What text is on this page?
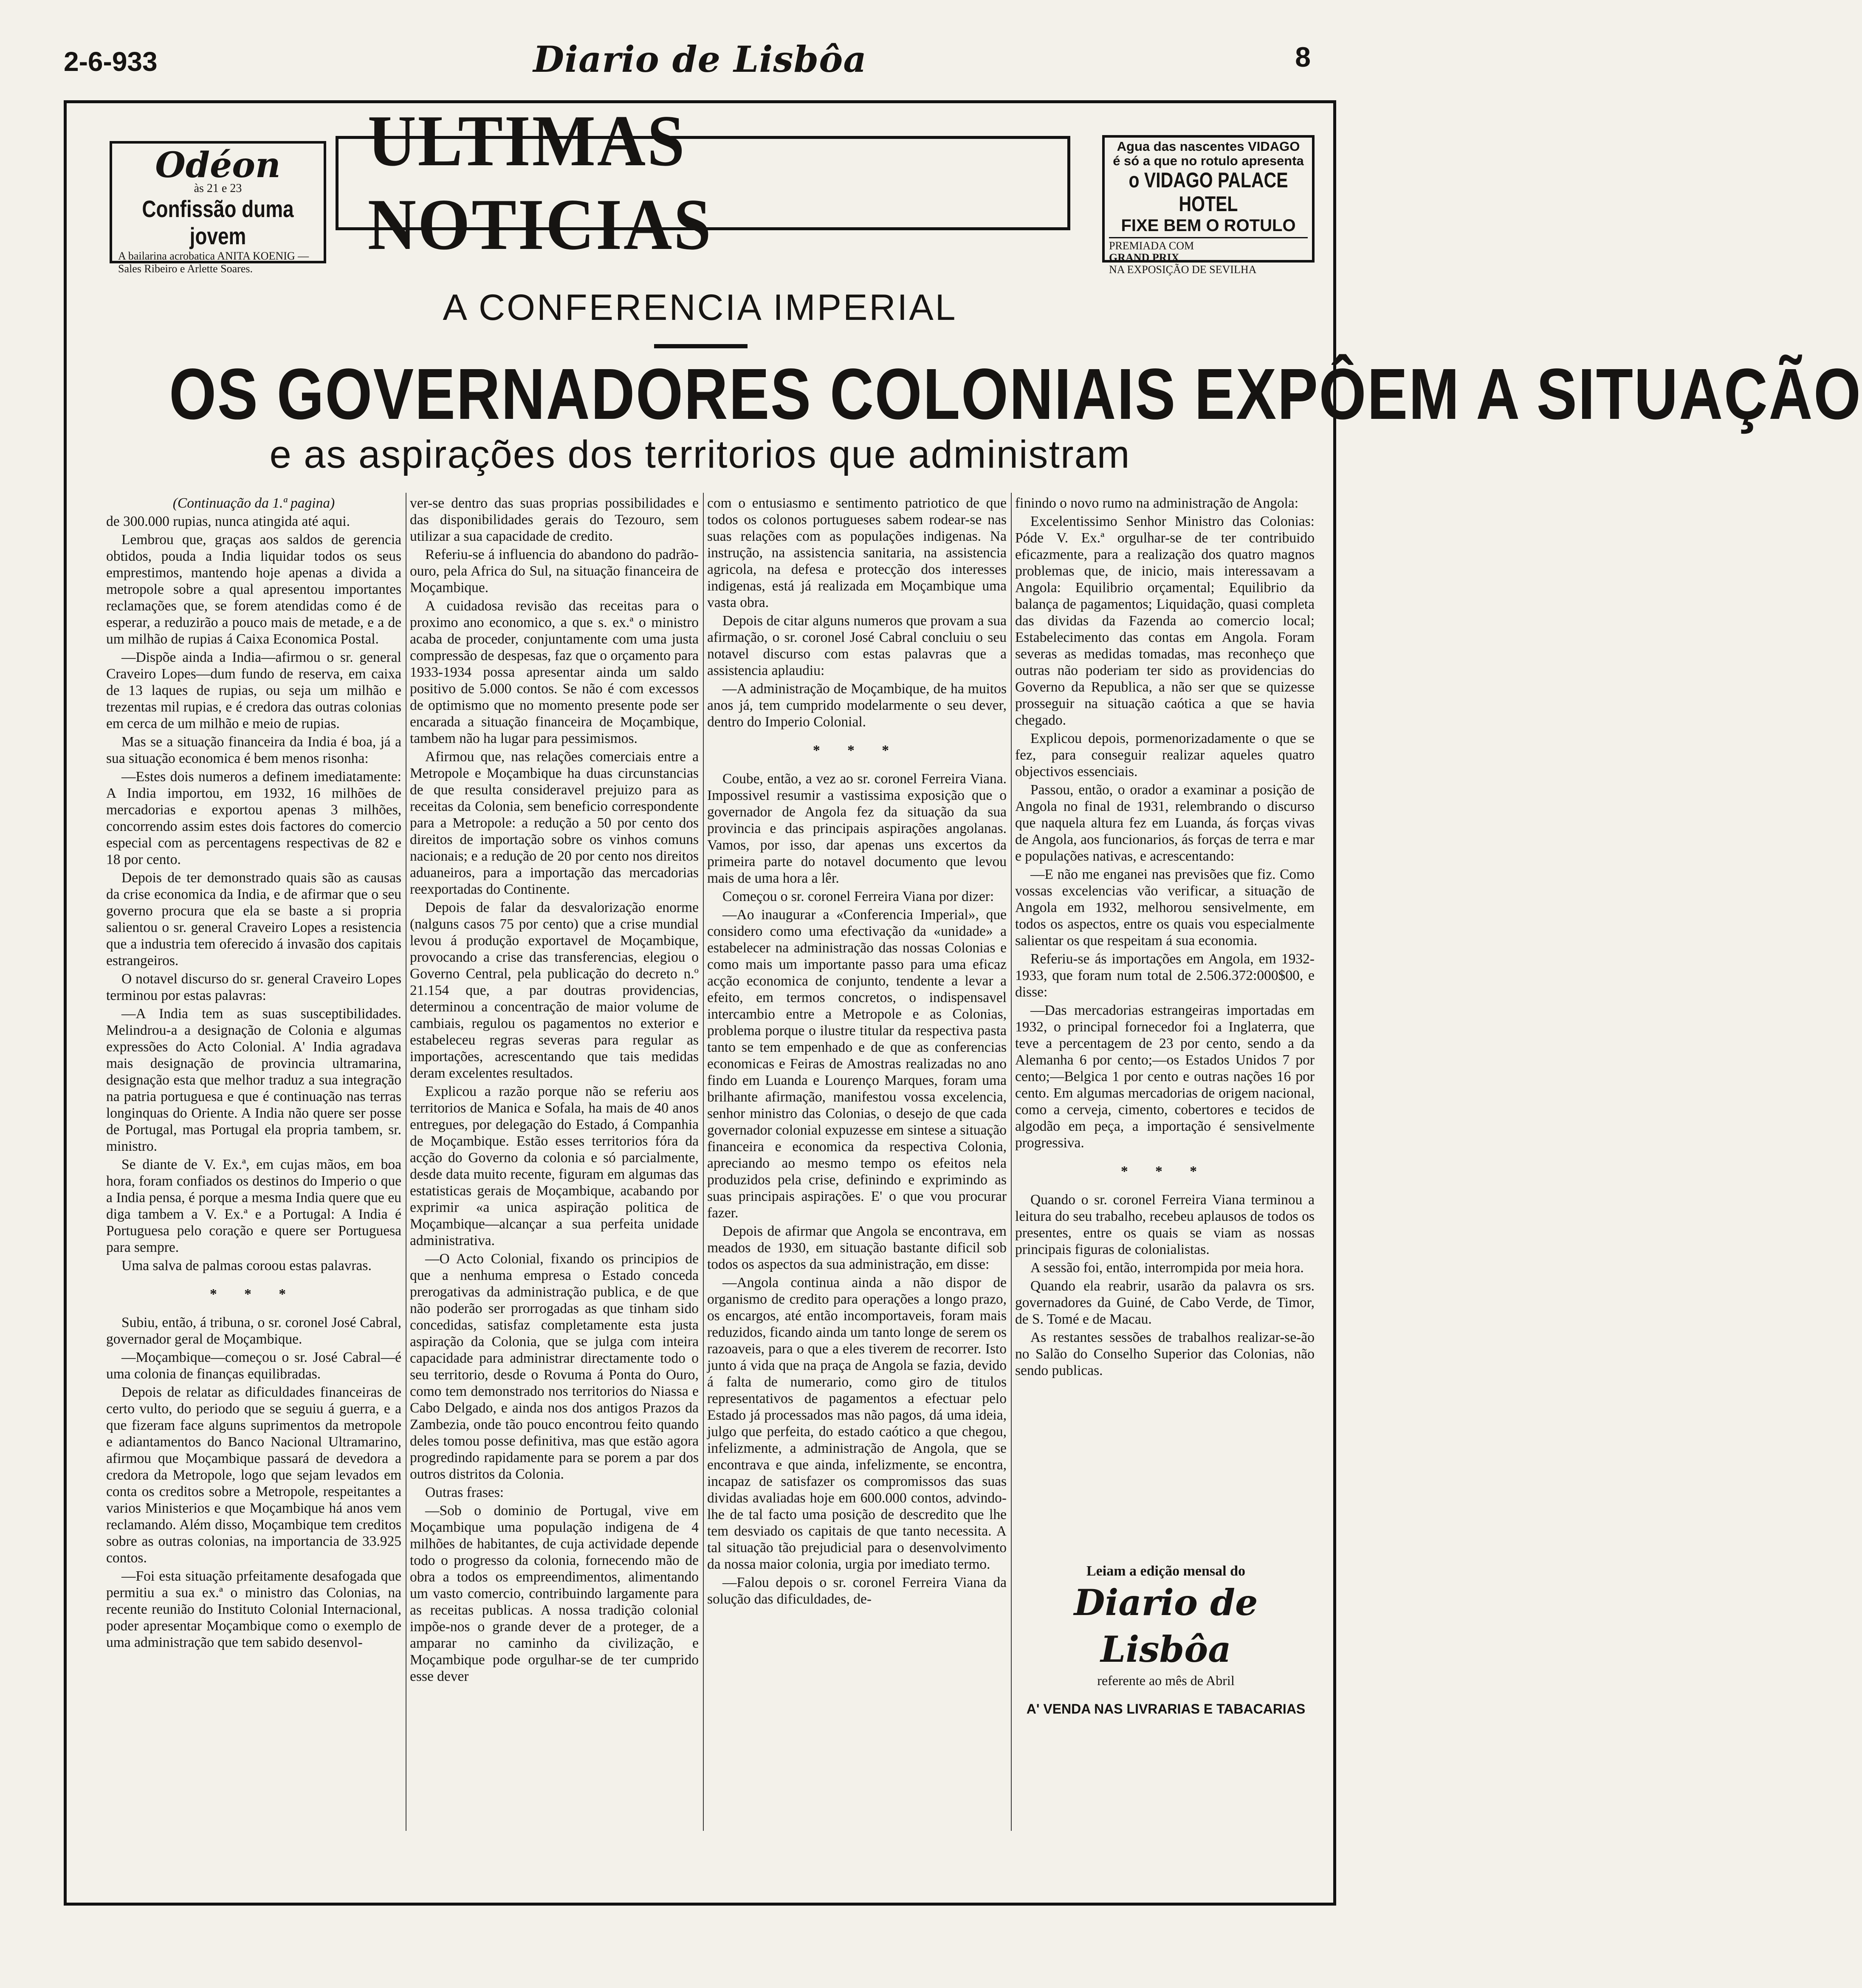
2-6-933	Diario de Lisbôa	8
Odéon
às 21 e 23
Confissão duma jovem
A bailarina acrobatica ANITA KOENIG — Sales Ribeiro e Arlette Soares.
ULTIMAS NOTICIAS
Agua das nascentes VIDAGO
é só a que no rotulo apresenta
o VIDAGO PALACE HOTEL
FIXE BEM O ROTULO
PREMIADA COM
GRAND PRIX
NA EXPOSIÇÃO DE SEVILHA
A CONFERENCIA IMPERIAL
OS GOVERNADORES COLONIAIS EXPÔEM A SITUAÇÃO
e as aspirações dos territorios que administram

(Continuação da 1.ª pagina)

de 300.000 rupias, nunca atingida até aqui.

Lembrou que, graças aos saldos de gerencia obtidos, pouda a India liquidar todos os seus emprestimos, mantendo hoje apenas a divida a metropole sobre a qual apresentou importantes reclamações que, se forem atendidas como é de esperar, a reduzirão a pouco mais de metade, e a de um milhão de rupias á Caixa Economica Postal.

—Dispõe ainda a India—afirmou o sr. general Craveiro Lopes—dum fundo de reserva, em caixa de 13 laques de rupias, ou seja um milhão e trezentas mil rupias, e é credora das outras colonias em cerca de um milhão e meio de rupias.

Mas se a situação financeira da India é boa, já a sua situação economica é bem menos risonha:

—Estes dois numeros a definem imediatamente: A India importou, em 1932, 16 milhões de mercadorias e exportou apenas 3 milhões, concorrendo assim estes dois factores do comercio especial com as percentagens respectivas de 82 e 18 por cento.

Depois de ter demonstrado quais são as causas da crise economica da India, e de afirmar que o seu governo procura que ela se baste a si propria salientou o sr. general Craveiro Lopes a resistencia que a industria tem oferecido á invasão dos capitais estrangeiros.

O notavel discurso do sr. general Craveiro Lopes terminou por estas palavras:

—A India tem as suas susceptibilidades. Melindrou-a a designação de Colonia e algumas expressões do Acto Colonial. A' India agradava mais designação de provincia ultramarina, designação esta que melhor traduz a sua integração na patria portuguesa e que é continuação nas terras longinquas do Oriente. A India não quere ser posse de Portugal, mas Portugal ela propria tambem, sr. ministro.

Se diante de V. Ex.ª, em cujas mãos, em boa hora, foram confiados os destinos do Imperio o que a India pensa, é porque a mesma India quere que eu diga tambem a V. Ex.ª e a Portugal: A India é Portuguesa pelo coração e quere ser Portuguesa para sempre.

Uma salva de palmas coroou estas palavras.

* * *

Subiu, então, á tribuna, o sr. coronel José Cabral, governador geral de Moçambique.

—Moçambique—começou o sr. José Cabral—é uma colonia de finanças equilibradas.

Depois de relatar as dificuldades financeiras de certo vulto, do periodo que se seguiu á guerra, e a que fizeram face alguns suprimentos da metropole e adiantamentos do Banco Nacional Ultramarino, afirmou que Moçambique passará de devedora a credora da Metropole, logo que sejam levados em conta os creditos sobre a Metropole, respeitantes a varios Ministerios e que Moçambique há anos vem reclamando. Além disso, Moçambique tem creditos sobre as outras colonias, na importancia de 33.925 contos.

—Foi esta situação prfeitamente desafogada que permitiu a sua ex.ª o ministro das Colonias, na recente reunião do Instituto Colonial Internacional, poder apresentar Moçambique como o exemplo de uma administração que tem sabido desenvol-

ver-se dentro das suas proprias possibilidades e das disponibilidades gerais do Tezouro, sem utilizar a sua capacidade de credito.

Referiu-se á influencia do abandono do padrão-ouro, pela Africa do Sul, na situação financeira de Moçambique.

A cuidadosa revisão das receitas para o proximo ano economico, a que s. ex.ª o ministro acaba de proceder, conjuntamente com uma justa compressão de despesas, faz que o orçamento para 1933-1934 possa apresentar ainda um saldo positivo de 5.000 contos. Se não é com excessos de optimismo que no momento presente pode ser encarada a situação financeira de Moçambique, tambem não ha lugar para pessimismos.

Afirmou que, nas relações comerciais entre a Metropole e Moçambique ha duas circunstancias de que resulta consideravel prejuizo para as receitas da Colonia, sem beneficio correspondente para a Metropole: a redução a 50 por cento dos direitos de importação sobre os vinhos comuns nacionais; e a redução de 20 por cento nos direitos aduaneiros, para a importação das mercadorias reexportadas do Continente.

Depois de falar da desvalorização enorme (nalguns casos 75 por cento) que a crise mundial levou á produção exportavel de Moçambique, provocando a crise das transferencias, elegiou o Governo Central, pela publicação do decreto n.º 21.154 que, a par doutras providencias, determinou a concentração de maior volume de cambiais, regulou os pagamentos no exterior e estabeleceu regras severas para regular as importações, acrescentando que tais medidas deram excelentes resultados.

Explicou a razão porque não se referiu aos territorios de Manica e Sofala, ha mais de 40 anos entregues, por delegação do Estado, á Companhia de Moçambique. Estão esses territorios fóra da acção do Governo da colonia e só parcialmente, desde data muito recente, figuram em algumas das estatisticas gerais de Moçambique, acabando por exprimir «a unica aspiração politica de Moçambique—alcançar a sua perfeita unidade administrativa.

—O Acto Colonial, fixando os principios de que a nenhuma empresa o Estado conceda prerogativas da administração publica, e de que não poderão ser prorrogadas as que tinham sido concedidas, satisfaz completamente esta justa aspiração da Colonia, que se julga com inteira capacidade para administrar directamente todo o seu territorio, desde o Rovuma á Ponta do Ouro, como tem demonstrado nos territorios do Niassa e Cabo Delgado, e ainda nos dos antigos Prazos da Zambezia, onde tão pouco encontrou feito quando deles tomou posse definitiva, mas que estão agora progredindo rapidamente para se porem a par dos outros distritos da Colonia.

Outras frases:

—Sob o dominio de Portugal, vive em Moçambique uma população indigena de 4 milhões de habitantes, de cuja actividade depende todo o progresso da colonia, fornecendo mão de obra a todos os empreendimentos, alimentando um vasto comercio, contribuindo largamente para as receitas publicas. A nossa tradição colonial impõe-nos o grande dever de a proteger, de a amparar no caminho da civilização, e Moçambique pode orgulhar-se de ter cumprido esse dever

com o entusiasmo e sentimento patriotico de que todos os colonos portugueses sabem rodear-se nas suas relações com as populações indigenas. Na instrução, na assistencia sanitaria, na assistencia agricola, na defesa e protecção dos interesses indigenas, está já realizada em Moçambique uma vasta obra.

Depois de citar alguns numeros que provam a sua afirmação, o sr. coronel José Cabral concluiu o seu notavel discurso com estas palavras que a assistencia aplaudiu:

—A administração de Moçambique, de ha muitos anos já, tem cumprido modelarmente o seu dever, dentro do Imperio Colonial.

* * *

Coube, então, a vez ao sr. coronel Ferreira Viana. Impossivel resumir a vastissima exposição que o governador de Angola fez da situação da sua provincia e das principais aspirações angolanas. Vamos, por isso, dar apenas uns excertos da primeira parte do notavel documento que levou mais de uma hora a lêr.

Começou o sr. coronel Ferreira Viana por dizer:

—Ao inaugurar a «Conferencia Imperial», que considero como uma efectivação da «unidade» a estabelecer na administração das nossas Colonias e como mais um importante passo para uma eficaz acção economica de conjunto, tendente a levar a efeito, em termos concretos, o indispensavel intercambio entre a Metropole e as Colonias, problema porque o ilustre titular da respectiva pasta tanto se tem empenhado e de que as conferencias economicas e Feiras de Amostras realizadas no ano findo em Luanda e Lourenço Marques, foram uma brilhante afirmação, manifestou vossa excelencia, senhor ministro das Colonias, o desejo de que cada governador colonial expuzesse em sintese a situação financeira e economica da respectiva Colonia, apreciando ao mesmo tempo os efeitos nela produzidos pela crise, definindo e exprimindo as suas principais aspirações. E' o que vou procurar fazer.

Depois de afirmar que Angola se encontrava, em meados de 1930, em situação bastante dificil sob todos os aspectos da sua administração, em disse:

—Angola continua ainda a não dispor de organismo de credito para operações a longo prazo, os encargos, até então incomportaveis, foram mais reduzidos, ficando ainda um tanto longe de serem os razoaveis, para o que a eles tiverem de recorrer. Isto junto á vida que na praça de Angola se fazia, devido á falta de numerario, como giro de titulos representativos de pagamentos a efectuar pelo Estado já processados mas não pagos, dá uma ideia, julgo que perfeita, do estado caótico a que chegou, infelizmente, a administração de Angola, que se encontrava e que ainda, infelizmente, se encontra, incapaz de satisfazer os compromissos das suas dividas avaliadas hoje em 600.000 contos, advindo-lhe de tal facto uma posição de descredito que lhe tem desviado os capitais de que tanto necessita. A tal situação tão prejudicial para o desenvolvimento da nossa maior colonia, urgia por imediato termo.

—Falou depois o sr. coronel Ferreira Viana da solução das dificuldades, de-

finindo o novo rumo na administração de Angola:

Excelentissimo Senhor Ministro das Colonias: Póde V. Ex.ª orgulhar-se de ter contribuido eficazmente, para a realização dos quatro magnos problemas que, de inicio, mais interessavam a Angola: Equilibrio orçamental; Equilibrio da balança de pagamentos; Liquidação, quasi completa das dividas da Fazenda ao comercio local; Estabelecimento das contas em Angola. Foram severas as medidas tomadas, mas reconheço que outras não poderiam ter sido as providencias do Governo da Republica, a não ser que se quizesse prosseguir na situação caótica a que se havia chegado.

Explicou depois, pormenorizadamente o que se fez, para conseguir realizar aqueles quatro objectivos essenciais.

Passou, então, o orador a examinar a posição de Angola no final de 1931, relembrando o discurso que naquela altura fez em Luanda, ás forças vivas de Angola, aos funcionarios, ás forças de terra e mar e populações nativas, e acrescentando:

—E não me enganei nas previsões que fiz. Como vossas excelencias vão verificar, a situação de Angola em 1932, melhorou sensivelmente, em todos os aspectos, entre os quais vou especialmente salientar os que respeitam á sua economia.

Referiu-se ás importações em Angola, em 1932-1933, que foram num total de 2.506.372:000$00, e disse:

—Das mercadorias estrangeiras importadas em 1932, o principal fornecedor foi a Inglaterra, que teve a percentagem de 23 por cento, sendo a da Alemanha 6 por cento;—os Estados Unidos 7 por cento;—Belgica 1 por cento e outras nações 16 por cento. Em algumas mercadorias de origem nacional, como a cerveja, cimento, cobertores e tecidos de algodão em peça, a importação é sensivelmente progressiva.

* * *

Quando o sr. coronel Ferreira Viana terminou a leitura do seu trabalho, recebeu aplausos de todos os presentes, entre os quais se viam as nossas principais figuras de colonialistas.

A sessão foi, então, interrompida por meia hora.

Quando ela reabrir, usarão da palavra os srs. governadores da Guiné, de Cabo Verde, de Timor, de S. Tomé e de Macau.

As restantes sessões de trabalhos realizar-se-ão no Salão do Conselho Superior das Colonias, não sendo publicas.

Leiam a edição mensal do
Diario de Lisbôa
referente ao mês de Abril
A' VENDA NAS LIVRARIAS E TABACARIAS
